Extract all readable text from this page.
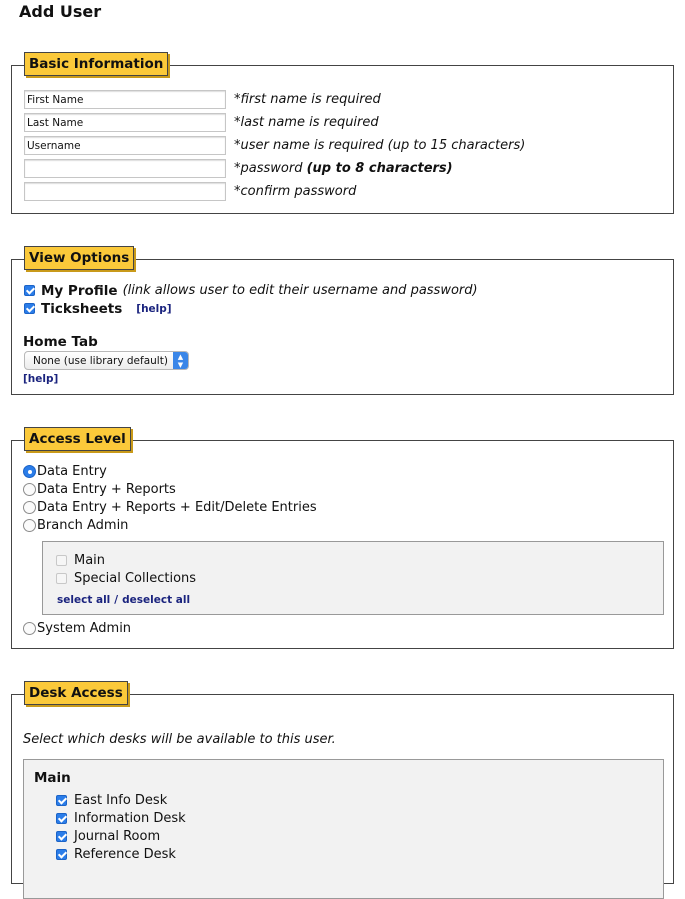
Add User
Basic Information
First Name
*first name is required
Last Name
*last name is required
Username
*user name is required (up to 15 characters)
*password (up to 8 characters)
*confirm password
View Options
My Profile (link allows user to edit their username and password)
Ticksheets [help]
Home Tab
None (use library default)	▲
▼
[help]
Access Level
Data Entry
Data Entry + Reports
Data Entry + Reports + Edit/Delete Entries
Branch Admin
Main
Special Collections
select all / deselect all
System Admin
Desk Access
Select which desks will be available to this user.
Main
East Info Desk
Information Desk
Journal Room
Reference Desk
